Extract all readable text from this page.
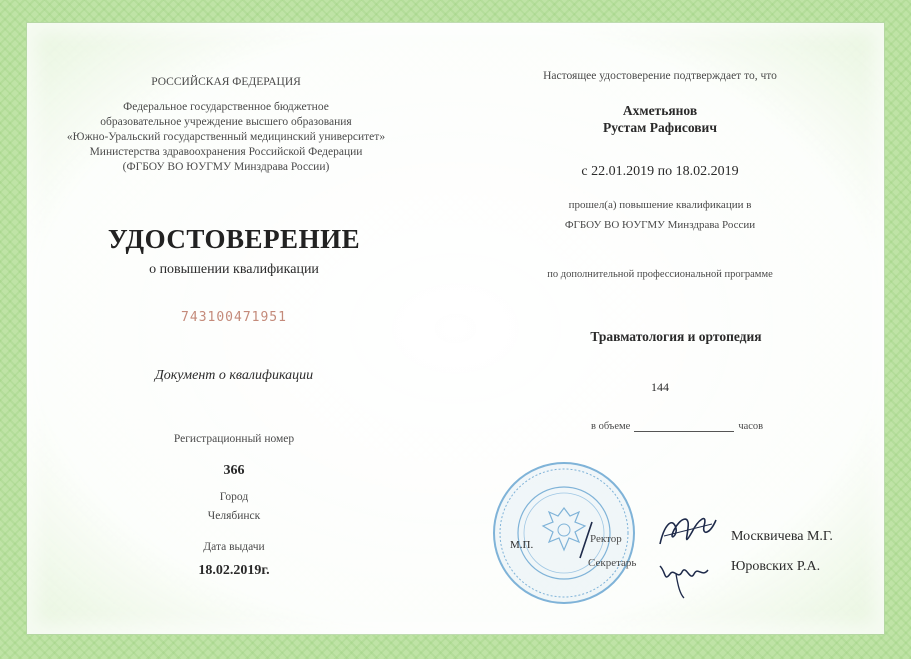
РОССИЙСКАЯ ФЕДЕРАЦИЯ
Федеральное государственное бюджетное
образовательное учреждение высшего образования
«Южно-Уральский государственный медицинский университет»
Министерства здравоохранения Российской Федерации
(ФГБОУ ВО ЮУГМУ Минздрава России)
УДОСТОВЕРЕНИЕ
о повышении квалификации
743100471951
Документ о квалификации
Регистрационный номер
366
Город
Челябинск
Дата выдачи
18.02.2019г.
Настоящее удостоверение подтверждает то, что
Ахметьянов
Рустам Рафисович
с 22.01.2019 по 18.02.2019
прошел(а) повышение квалификации в
ФГБОУ ВО ЮУГМУ Минздрава России
по дополнительной профессиональной программе
Травматология и ортопедия
144
в объеме	часов
М.П.	Ректор
Секретарь
Москвичева М.Г.
Юровских Р.А.
